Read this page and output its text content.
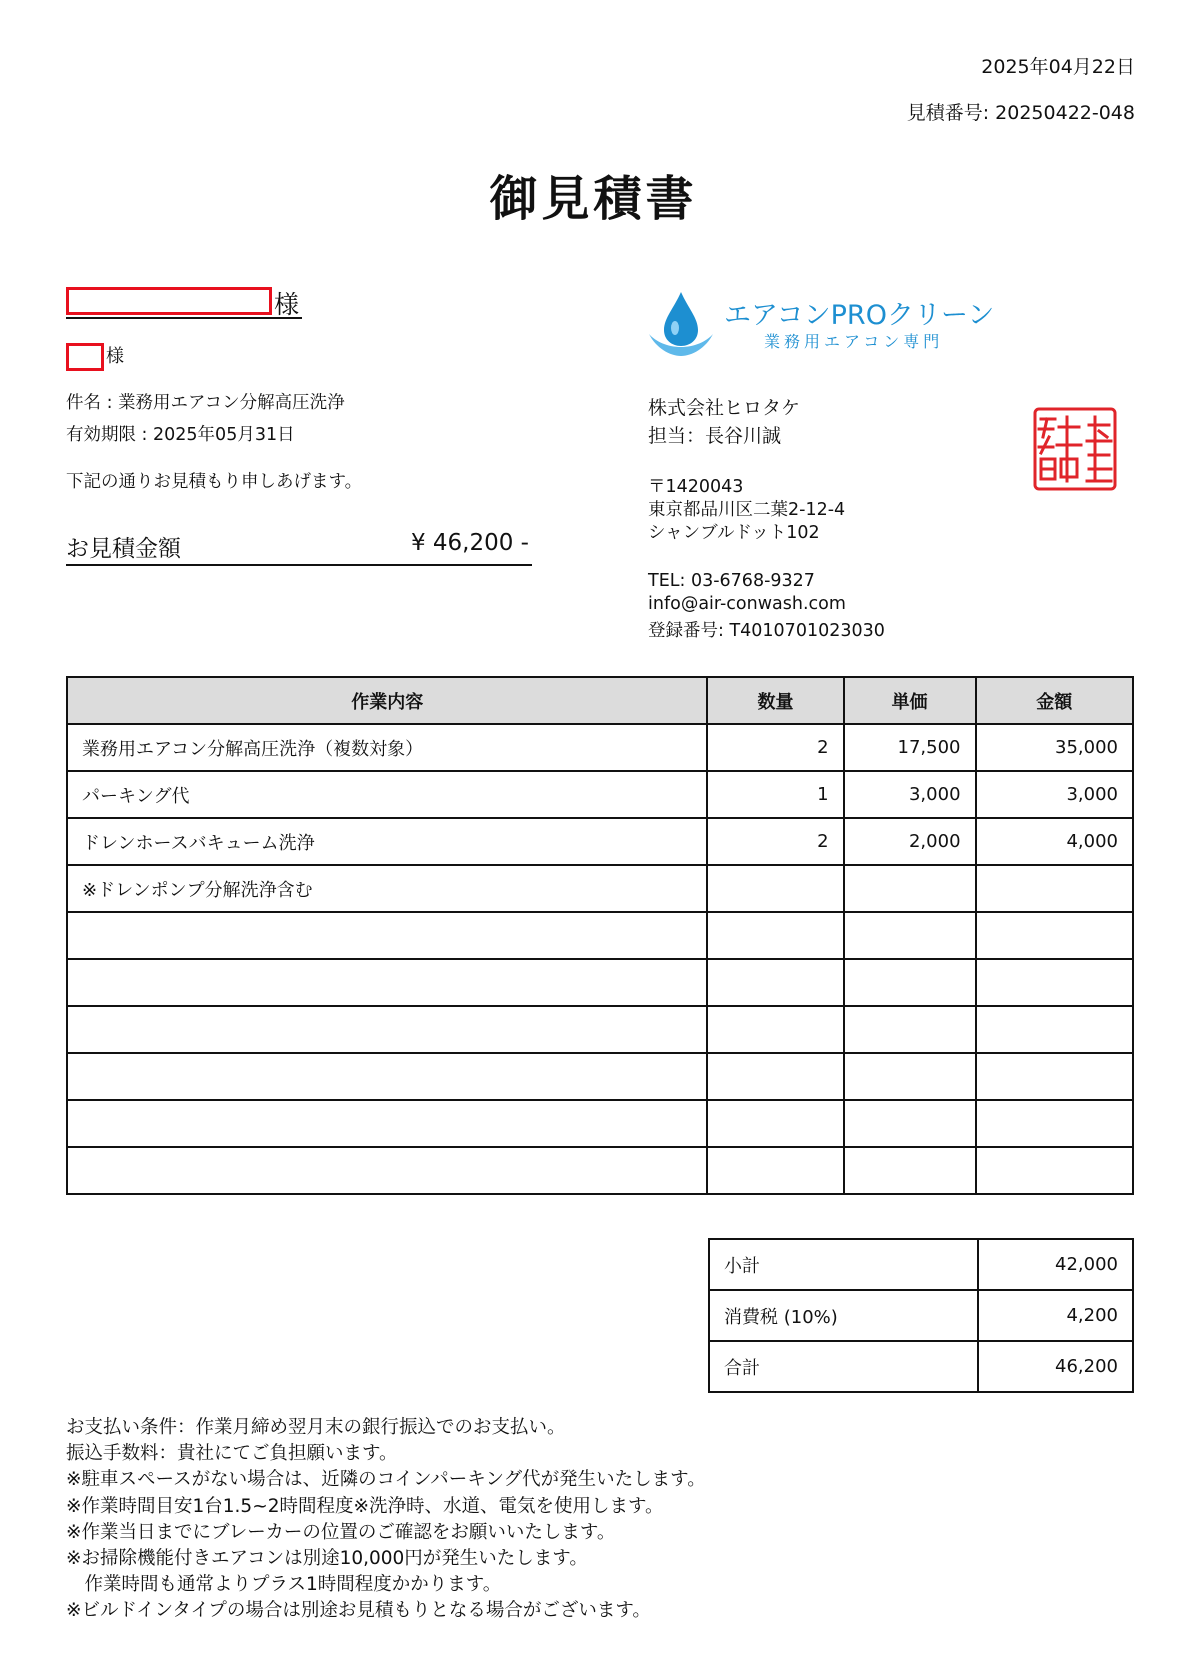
2025年04月22日
見積番号: 20250422-048
御見積書
様
様
件名 : 業務用エアコン分解高圧洗浄
有効期限 : 2025年05月31日
下記の通りお見積もり申しあげます。
お見積金額	¥ 46,200 -
エアコンPROクリーン
業務用エアコン専門
株式会社ヒロタケ
担当：長谷川誠
〒1420043
東京都品川区二葉2-12-4
シャンブルドット102
TEL: 03-6768-9327
info@air-conwash.com
登録番号: T4010701023030
作業内容	数量	単価	金額
業務用エアコン分解高圧洗浄（複数対象）	2	17,500	35,000
パーキング代	1	3,000	3,000
ドレンホースバキューム洗浄	2	2,000	4,000
※ドレンポンプ分解洗浄含む			

小計	42,000
消費税 (10%)	4,200
合計	46,200
お支払い条件：作業月締め翌月末の銀行振込でのお支払い。
振込手数料：貴社にてご負担願います。
※駐車スペースがない場合は、近隣のコインパーキング代が発生いたします。
※作業時間目安1台1.5~2時間程度※洗浄時、水道、電気を使用します。
※作業当日までにブレーカーの位置のご確認をお願いいたします。
※お掃除機能付きエアコンは別途10,000円が発生いたします。
　作業時間も通常よりプラス1時間程度かかります。
※ビルドインタイプの場合は別途お見積もりとなる場合がございます。
